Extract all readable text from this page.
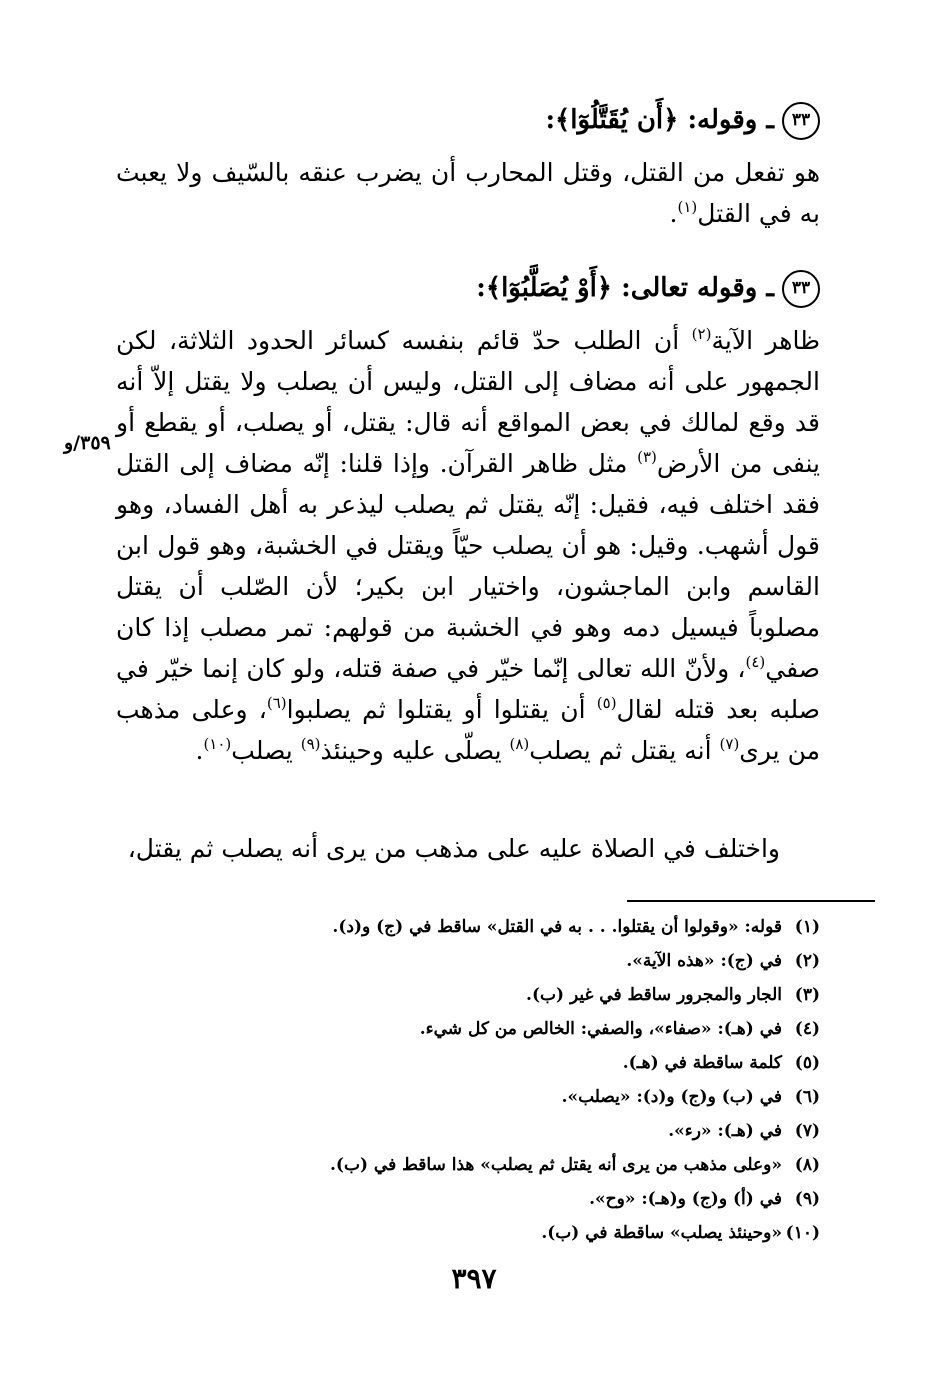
٣٣ـ وقوله: ﴿أَن يُقَتَّلُوٓا﴾:

هو تفعل من القتل، وقتل المحارب أن يضرب عنقه بالسّيف ولا يعبث به في القتل$^{(١)}$.

٣٣ـ وقوله تعالى: ﴿أَوْ يُصَلَّبُوٓا﴾:

ظاهر الآية$^{(٢)}$ أن الطلب حدّ قائم بنفسه كسائر الحدود الثلاثة، لكن الجمهور على أنه مضاف إلى القتل، وليس أن يصلب ولا يقتل إلاّ أنه قد وقع لمالك في بعض المواقع أنه قال: يقتل، أو يصلب، أو يقطع أو ينفى من الأرض$^{(٣)}$ مثل ظاهر القرآن. وإذا قلنا: إنّه مضاف إلى القتل فقد اختلف فيه، فقيل: إنّه يقتل ثم يصلب ليذعر به أهل الفساد، وهو قول أشهب. وقيل: هو أن يصلب حيّاً ويقتل في الخشبة، وهو قول ابن القاسم وابن الماجشون، واختيار ابن بكير؛ لأن الصّلب أن يقتل مصلوباً فيسيل دمه وهو في الخشبة من قولهم: تمر مصلب إذا كان صفي$^{(٤)}$، ولأنّ الله تعالى إنّما خيّر في صفة قتله، ولو كان إنما خيّر في صلبه بعد قتله لقال$^{(٥)}$ أن يقتلوا أو يقتلوا ثم يصلبوا$^{(٦)}$، وعلى مذهب من يرى$^{(٧)}$ أنه يقتل ثم يصلب$^{(٨)}$ يصلّى عليه وحينئذ$^{(٩)}$ يصلب$^{(١٠)}$.

واختلف في الصلاة عليه على مذهب من يرى أنه يصلب ثم يقتل،

٣٥٩/و
(١)قوله: «وقولوا أن يقتلوا. . . به في القتل» ساقط في (ج) و(د).
(٢)في (ج): «هذه الآية».
(٣)الجار والمجرور ساقط في غير (ب).
(٤)في (هـ): «صفاء»، والصفي: الخالص من كل شيء.
(٥)كلمة ساقطة في (هـ).
(٦)في (ب) و(ج) و(د): «يصلب».
(٧)في (هـ): «رء».
(٨)«وعلى مذهب من يرى أنه يقتل ثم يصلب» هذا ساقط في (ب).
(٩)في (أ) و(ج) و(هـ): «وح».
(١٠)«وحينئذ يصلب» ساقطة في (ب).
٣٩٧
